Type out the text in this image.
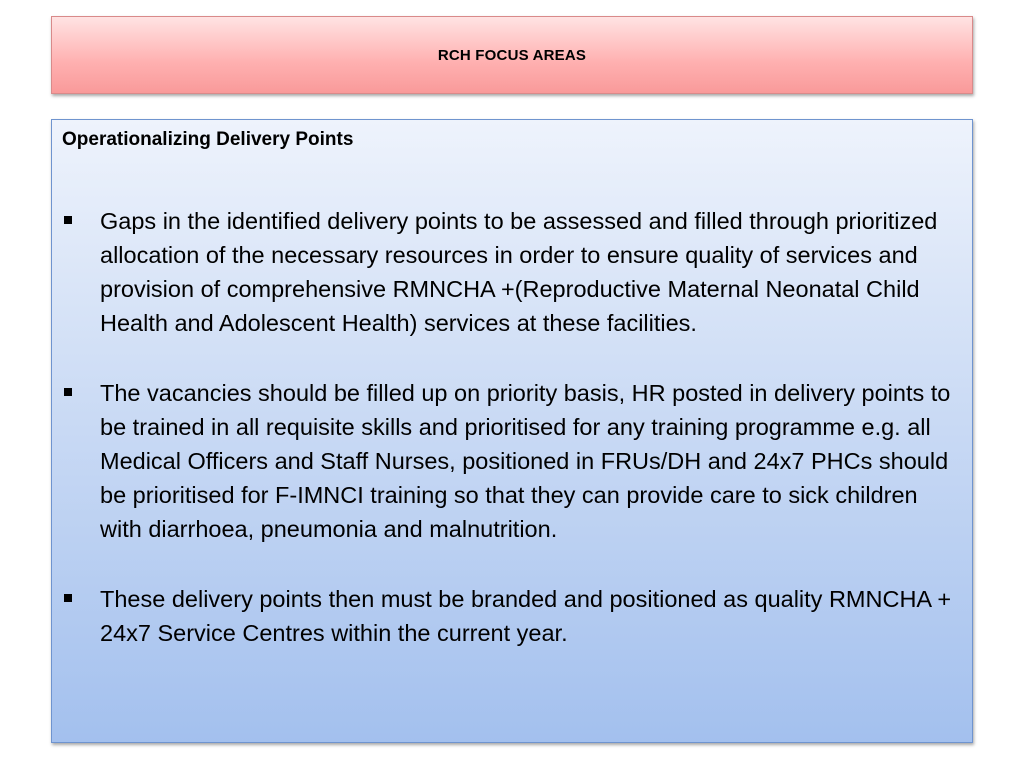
RCH FOCUS AREAS
Operationalizing Delivery Points
Gaps in the identified delivery points to be assessed and filled through prioritized allocation of the necessary resources in order to ensure quality of services and provision of comprehensive RMNCHA +(Reproductive Maternal Neonatal Child Health and Adolescent Health) services at these facilities.
The vacancies should be filled up on priority basis, HR posted in delivery points to be trained in all requisite skills and prioritised for any training programme e.g. all Medical Officers and Staff Nurses, positioned in FRUs/DH and 24x7 PHCs should be prioritised for F-IMNCI training so that they can provide care to sick children with diarrhoea, pneumonia and malnutrition.
These delivery points then must be branded and positioned as quality RMNCHA + 24x7 Service Centres within the current year.
